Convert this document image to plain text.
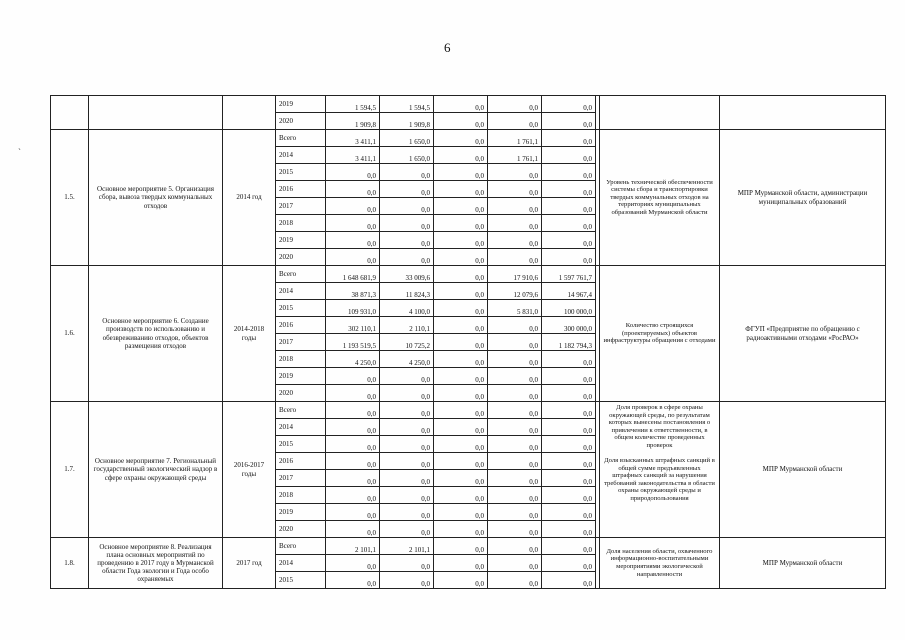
6
`
			2019	1 594,5	1 594,5	0,0	0,0	0,0			
			2020	1 909,8	1 909,8	0,0	0,0	0,0			
1.5.	Основное мероприятие 5. Организация сбора, вывоза твердых коммунальных отходов	2014 год	Всего	3 411,1	1 650,0	0,0	1 761,1	0,0		Уровень технической обеспеченности системы сбора и транспортировки твердых коммунальных отходов на территориях муниципальных образований Мурманской области	МПР Мурманской области, администрации муниципальных образований
			2014	3 411,1	1 650,0	0,0	1 761,1	0,0			
			2015	0,0	0,0	0,0	0,0	0,0			
			2016	0,0	0,0	0,0	0,0	0,0			
			2017	0,0	0,0	0,0	0,0	0,0			
			2018	0,0	0,0	0,0	0,0	0,0			
			2019	0,0	0,0	0,0	0,0	0,0			
			2020	0,0	0,0	0,0	0,0	0,0			
1.6.	Основное мероприятие 6. Создание производств по использованию и обезвреживанию отходов, объектов размещения отходов	2014-2018 годы	Всего	1 648 681,9	33 009,6	0,0	17 910,6	1 597 761,7		Количество строящихся (проектируемых) объектов инфраструктуры обращения с отходами	ФГУП «Предприятие по обращению с радиоактивными отходами «РосРАО»
			2014	38 871,3	11 824,3	0,0	12 079,6	14 967,4			
			2015	109 931,0	4 100,0	0,0	5 831,0	100 000,0			
			2016	302 110,1	2 110,1	0,0	0,0	300 000,0			
			2017	1 193 519,5	10 725,2	0,0	0,0	1 182 794,3			
			2018	4 250,0	4 250,0	0,0	0,0	0,0			
			2019	0,0	0,0	0,0	0,0	0,0			
			2020	0,0	0,0	0,0	0,0	0,0			
1.7.	Основное мероприятие 7. Региональный государственный экологический надзор в сфере охраны окружающей среды	2016-2017 годы	Всего	0,0	0,0	0,0	0,0	0,0		Доля проверок в сфере охраны окружающей среды, по результатам которых вынесены постановления о привлечении к ответственности, в общем количестве проведенных проверок

Доля взысканных штрафных санкций в общей сумме предъявленных штрафных санкций за нарушения требований законодательства в области охраны окружающей среды и природопользования	МПР Мурманской области
			2014	0,0	0,0	0,0	0,0	0,0			
			2015	0,0	0,0	0,0	0,0	0,0			
			2016	0,0	0,0	0,0	0,0	0,0			
			2017	0,0	0,0	0,0	0,0	0,0			
			2018	0,0	0,0	0,0	0,0	0,0			
			2019	0,0	0,0	0,0	0,0	0,0			
			2020	0,0	0,0	0,0	0,0	0,0			
1.8.	Основное мероприятие 8. Реализация плана основных мероприятий по проведению в 2017 году в Мурманской области Года экологии и Года особо охраняемых	2017 год	Всего	2 101,1	2 101,1	0,0	0,0	0,0		Доля населения области, охваченного информационно-воспитательными мероприятиями экологической направленности	МПР Мурманской области
			2014	0,0	0,0	0,0	0,0	0,0			
			2015	0,0	0,0	0,0	0,0	0,0			
